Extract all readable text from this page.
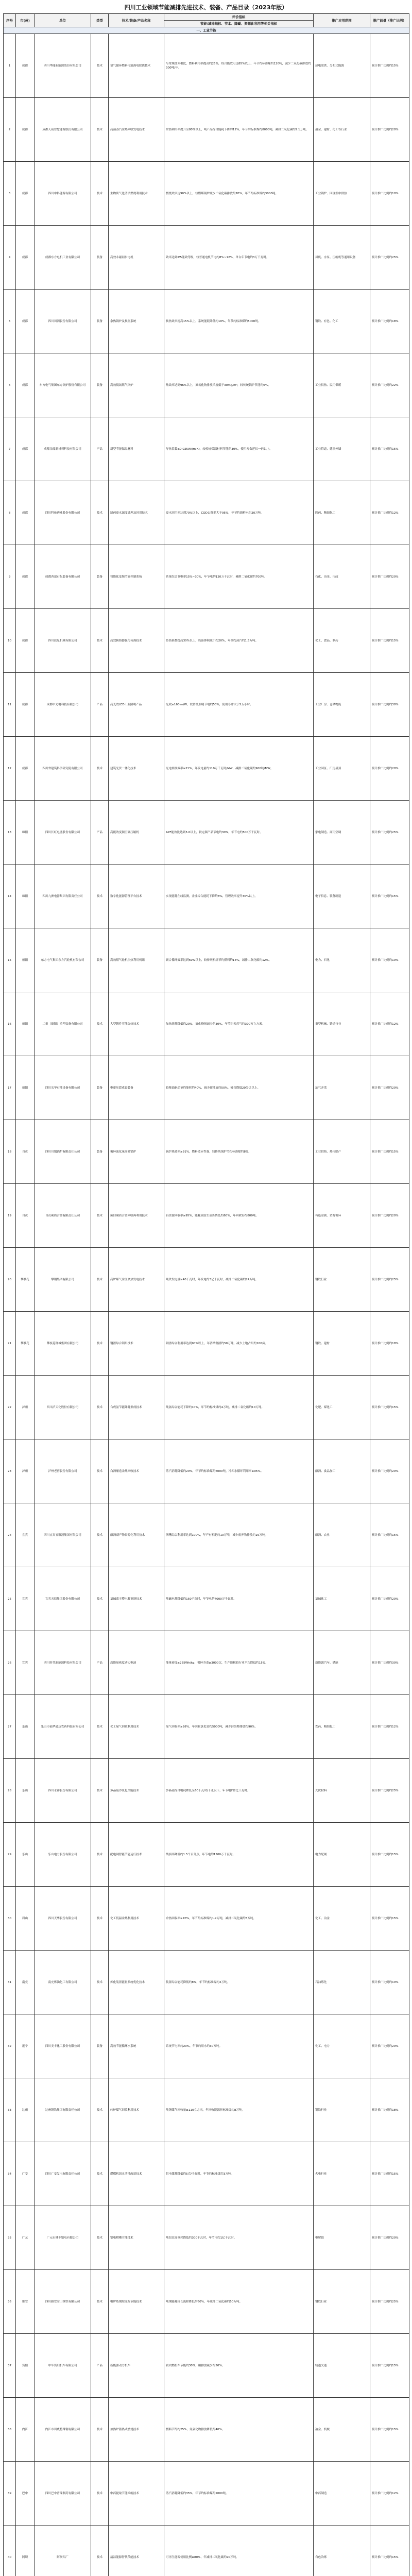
四川工业领域节能减排先进技术、装备、产品目录（2023年版）
序号	市(州)	单位	类型	技术/装备/产品名称	评价指标	推广应用范围	推广前景（推广比例）
					节能/减排指标、节本、降碳、资源化利用等相关指标		
一、工业节能							
1	成都	四川华能新能源股份有限公司	技术	氢气循环燃料电池热电联供技术	与常规技术相比，燃料利用率提高约25%，综合能效可达85%以上，年节约标准煤约120吨，减少二氧化碳排放约300吨/年。	热电联供、分布式能源	预计推广比例约15%
2	成都	成都天府智慧能源股份有限公司	技术	高温蒸汽余热回收发电技术	余热利用率提升至80%以上，吨产品综合能耗下降约12%，年节约标准煤约8000吨，减排二氧化碳约2.1万吨。	冶金、建材、化工等行业	预计推广比例约20%
3	成都	四川中科能源有限公司	技术	生物质气化清洁燃烧利用技术	燃烧效率达90%以上，较燃煤锅炉减少二氧化碳排放约70%，年节约标准煤约3000吨。	工业锅炉、园区集中供热	预计推广比例约10%
4	成都	成都东方电机工业有限公司	装备	高效永磁同步电机	效率达到IE5能效等级，较普通电机节电约8%~12%，单台年节电约3万千瓦时。	风机、水泵、压缩机等通用设备	预计推广比例约25%
5	成都	四川川润股份有限公司	装备	余热锅炉及换热系统	换热效率提高15%以上，系统能耗降低约10%，年节约标准煤约5000吨。	钢铁、有色、化工	预计推广比例约18%
6	成都	东方电气集团东方锅炉股份有限公司	装备	高效低氮燃气锅炉	热效率达到96%以上，氮氧化物排放浓度低于30mg/m³，较传统锅炉节能约6%。	工业供热、民用供暖	预计推广比例约22%
7	成都	成都金瑞新材料科技有限公司	产品	新型节能保温材料	导热系数≤0.025W/(m·K)，较传统保温材料节能约30%，使用寿命延长一倍以上。	工业管道、建筑外墙	预计推广比例约15%
8	成都	四川科伦药业股份有限公司	技术	制药废水深度处理及回用技术	废水回用率达到70%以上，COD去除率大于95%，年节约新鲜水约20万吨。	医药、精细化工	预计推广比例约12%
9	成都	成都西部石化装备有限公司	装备	智能化变频节能控制系统	系统综合节电率15%~30%，年节电约120万千瓦时，减排二氧化碳约700吨。	石化、冶金、市政	预计推广比例约20%
10	成都	四川蓝星机械有限公司	技术	高效换热器强化传热技术	传热系数提高30%以上，设备体积减小约20%，年节约蒸汽约1.5万吨。	化工、食品、制药	预计推广比例约15%
11	成都	成都中光电科技有限公司	产品	高光效LED工业照明产品	光效≥160lm/W，较传统照明节电约50%，使用寿命大于5万小时。	工业厂房、仓储物流	预计推广比例约30%
12	成都	四川省建筑科学研究院有限公司	技术	建筑光伏一体化技术	光电转换效率≥21%，年发电量约110万千瓦时/MW，减排二氧化碳约900吨/MW。	工业园区、厂房屋顶	预计推广比例约20%
13	绵阳	四川长虹电器股份有限公司	产品	高能效变频空调压缩机	APF能效比达到5.0以上，较定频产品节电约30%，年节电约500万千瓦时。	家电制造、商用空调	预计推广比例约25%
14	绵阳	四川九洲电器集团有限责任公司	技术	数字化能源管理平台技术	实现能耗在线监测，企业综合能耗下降约8%，管理效率提升30%以上。	电子信息、装备制造	预计推广比例约15%
15	德阳	东方电气集团东方汽轮机有限公司	装备	高效燃气轮机余热利用机组	联合循环效率达到60%以上，较传统机组节约燃料约15%，减排二氧化碳约12%。	电力、石化	预计推广比例约10%
16	德阳	二重（德阳）重型装备有限公司	技术	大型锻件节能加热技术	加热能耗降低约20%，氧化烧损减少约30%，年节约天然气约300万立方米。	重型机械、锻造行业	预计推广比例约12%
17	德阳	四川宏华石油设备有限公司	装备	电驱压裂成套装备	较柴油驱动节约能耗约40%，减少碳排放约50%，噪音降低20分贝以上。	油气开采	预计推广比例约20%
18	自贡	四川川锅锅炉有限责任公司	装备	循环流化床高效锅炉	锅炉热效率≥91%，燃料适应性强，较传统锅炉节约标准煤约8%。	工业供热、热电联产	预计推广比例约15%
19	自贡	自贡硬质合金有限责任公司	技术	废旧硬质合金回收再利用技术	钨资源回收率≥95%，能耗较原生冶炼降低约60%，年回收钨约800吨。	有色金属、资源循环	预计推广比例约20%
20	攀枝花	攀钢集团有限公司	技术	高炉煤气余压余热发电技术	吨铁发电量≥40千瓦时，年发电约3亿千瓦时，减排二氧化碳约24万吨。	钢铁行业	预计推广比例约25%
21	攀枝花	攀枝花钢城集团有限公司	技术	钢渣综合利用技术	钢渣综合利用率达到90%以上，年消纳钢渣约50万吨，减少土地占用约100亩。	钢铁、建材	预计推广比例约18%
22	泸州	四川泸天化股份有限公司	技术	合成氨节能降耗集成技术	吨氨综合能耗下降约10%，年节约标准煤约4万吨，减排二氧化碳约10万吨。	化肥、煤化工	预计推广比例约15%
23	泸州	泸州老窖股份有限公司	技术	白酒酿造余热回收技术	蒸汽消耗降低约20%，年节约标准煤约6000吨，冷却水循环利用率≥95%。	酿酒、食品加工	预计推广比例约20%
24	宜宾	四川宜宾五粮液集团有限公司	技术	酿酒副产物资源化利用技术	酒糟综合利用率达到100%，年产有机肥约10万吨，减少废弃物排放约15万吨。	酿酒、农业	预计推广比例约15%
25	宜宾	宜宾天原集团股份有限公司	技术	氯碱离子膜电解节能技术	吨碱电耗降低约150千瓦时，年节电约4000万千瓦时。	氯碱化工	预计推广比例约20%
26	宜宾	四川时代新能源科技有限公司	产品	高能量密度动力电池	能量密度≥255Wh/kg，循环寿命≥3000次，生产能耗较行业平均降低约15%。	新能源汽车、储能	预计推广比例约30%
27	乐山	乐山市福华通达农药科技有限公司	技术	化工尾气回收利用技术	尾气回收率≥98%，年回收氯化氢约5000吨，减少污染物排放约90%。	农药、精细化工	预计推广比例约12%
28	乐山	四川永祥股份有限公司	技术	多晶硅冷氢化节能技术	多晶硅综合电耗降低至60千瓦时/千克以下，年节电约2亿千瓦时。	光伏材料	预计推广比例约25%
29	乐山	乐山电力股份有限公司	技术	配电网智能节能运行技术	线损率降低约1.5个百分点，年节电约1500万千瓦时。	电力配网	预计推广比例约15%
30	眉山	四川天华股份有限公司	技术	化工低温余热利用技术	余热回收率≥70%，年节约标准煤约1.2万吨，减排二氧化碳约3万吨。	化工、冶金	预计推广比例约15%
31	南充	南充炼油化工有限公司	技术	炼化装置能量系统优化技术	装置综合能耗降低约8%，年节约标准煤约2万吨。	石油炼化	预计推广比例约10%
32	遂宁	四川美丰化工股份有限公司	装备	高效节能循环水系统	系统节电率约20%，年节约用水约30万吨。	化工、电力	预计推广比例约20%
33	达州	达州钢铁集团有限责任公司	技术	转炉煤气回收利用技术	吨钢煤气回收量≥110立方米，年回收能源折标准煤约8万吨。	钢铁行业	预计推广比例约18%
34	广安	四川广安发电有限责任公司	技术	燃煤机组灵活性改造技术	供电煤耗降低约5克/千瓦时，年节约标准煤约3万吨。	火电行业	预计推广比例约15%
35	广元	广元市林丰铝电有限公司	技术	铝电解槽节能技术	吨铝直流电耗降低约300千瓦时，年节电约1亿千瓦时。	电解铝	预计推广比例约20%
36	雅安	四川雅安安山钢铁有限公司	技术	电炉炼钢短流程节能技术	吨钢能耗较长流程降低约60%，年减排二氧化碳约50万吨。	钢铁行业	预计推广比例约25%
37	资阳	中车资阳机车有限公司	产品	新能源动力机车	较内燃机车节能约30%，碳排放减少约50%。	轨道交通	预计推广比例约15%
38	内江	内江市川威特殊钢有限公司	技术	加热炉蓄热式燃烧技术	燃料节约约25%，氮氧化物排放降低约40%。	冶金、机械	预计推广比例约15%
39	巴中	四川巴中普瑞制药有限公司	技术	中药提取节能浓缩技术	蒸汽消耗降低约35%，年节约标准煤约2000吨。	中药制造	预计推广比例约12%
40	阿坝	阿坝铝厂	技术	清洁能源替代节能技术	可再生能源使用比例≥80%，年减排二氧化碳约20万吨。	有色冶炼	预计推广比例约15%
